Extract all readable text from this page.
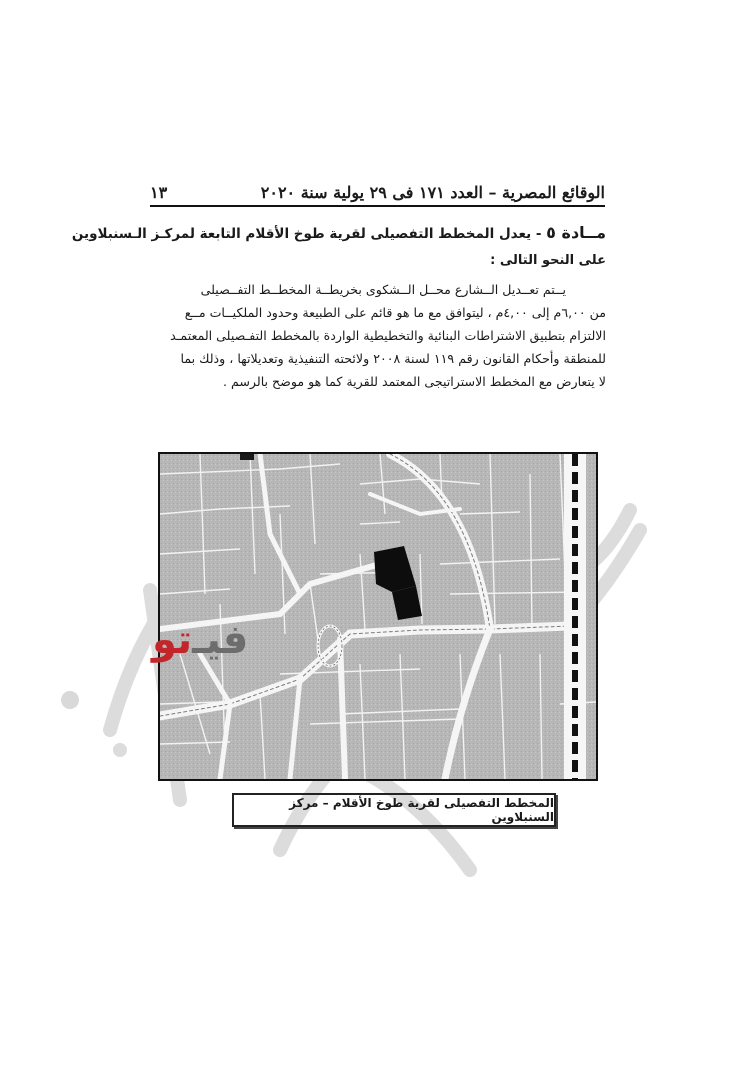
الوقائع المصرية – العدد ١٧١ فى ٢٩ يولية سنة ٢٠٢٠
١٣
مــادة ٥ - يعدل المخطط التفصيلى لقرية طوخ الأقلام التابعة لمركـز الـسنبلاوين
على النحو التالى :
يــتم تعــديل الــشارع محــل الــشكوى بخريطــة المخطــط التفــصيلى
من ٦,٠٠م إلى ٤,٠٠م ، ليتوافق مع ما هو قائم على الطبيعة وحدود الملكيــات مــع
الالتزام بتطبيق الاشتراطات البنائية والتخطيطية الواردة بالمخطط التفـصيلى المعتمـد
للمنطقة وأحكام القانون رقم ١١٩ لسنة ٢٠٠٨ ولائحته التنفيذية وتعديلاتها ، وذلك بما
لا يتعارض مع المخطط الاستراتيجى المعتمد للقرية كما هو موضح بالرسم .
فيـ
تو
المخطط التفصيلى لقرية طوخ الأقلام – مركز السنبلاوين
